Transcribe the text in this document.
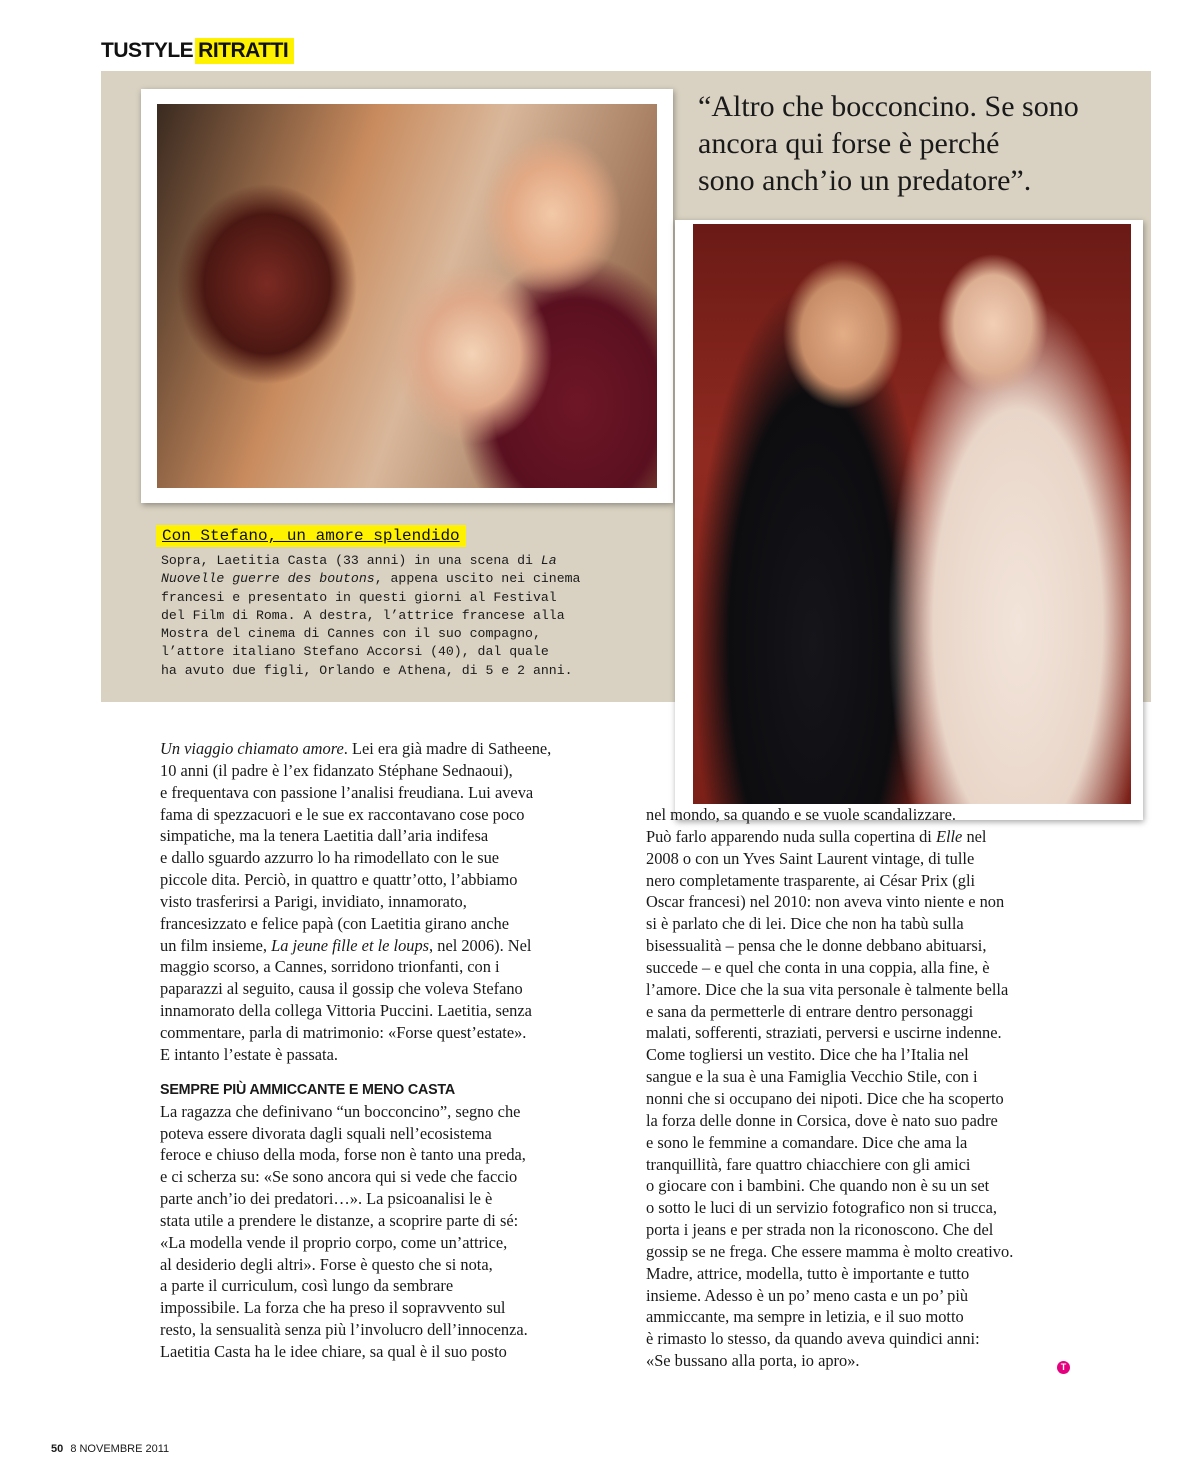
TUSTYLE RITRATTI
“Altro che bocconcino. Se sono
ancora qui forse è perché
sono anch’io un predatore”.
Con Stefano, un amore splendido
Sopra, Laetitia Casta (33 anni) in una scena di La
Nuovelle guerre des boutons, appena uscito nei cinema
francesi e presentato in questi giorni al Festival
del Film di Roma. A destra, l’attrice francese alla
Mostra del cinema di Cannes con il suo compagno,
l’attore italiano Stefano Accorsi (40), dal quale
ha avuto due figli, Orlando e Athena, di 5 e 2 anni.
Un viaggio chiamato amore. Lei era già madre di Satheene,
10 anni (il padre è l’ex fidanzato Stéphane Sednaoui),
e frequentava con passione l’analisi freudiana. Lui aveva
fama di spezzacuori e le sue ex raccontavano cose poco
simpatiche, ma la tenera Laetitia dall’aria indifesa
e dallo sguardo azzurro lo ha rimodellato con le sue
piccole dita. Perciò, in quattro e quattr’otto, l’abbiamo
visto trasferirsi a Parigi, invidiato, innamorato,
francesizzato e felice papà (con Laetitia girano anche
un film insieme, La jeune fille et le loups, nel 2006). Nel
maggio scorso, a Cannes, sorridono trionfanti, con i
paparazzi al seguito, causa il gossip che voleva Stefano
innamorato della collega Vittoria Puccini. Laetitia, senza
commentare, parla di matrimonio: «Forse quest’estate».
E intanto l’estate è passata.
SEMPRE PIÙ AMMICCANTE E MENO CASTA
La ragazza che definivano “un bocconcino”, segno che
poteva essere divorata dagli squali nell’ecosistema
feroce e chiuso della moda, forse non è tanto una preda,
e ci scherza su: «Se sono ancora qui si vede che faccio
parte anch’io dei predatori…». La psicoanalisi le è
stata utile a prendere le distanze, a scoprire parte di sé:
«La modella vende il proprio corpo, come un’attrice,
al desiderio degli altri». Forse è questo che si nota,
a parte il curriculum, così lungo da sembrare
impossibile. La forza che ha preso il sopravvento sul
resto, la sensualità senza più l’involucro dell’innocenza.
Laetitia Casta ha le idee chiare, sa qual è il suo posto
nel mondo, sa quando e se vuole scandalizzare.
Può farlo apparendo nuda sulla copertina di Elle nel
2008 o con un Yves Saint Laurent vintage, di tulle
nero completamente trasparente, ai César Prix (gli
Oscar francesi) nel 2010: non aveva vinto niente e non
si è parlato che di lei. Dice che non ha tabù sulla
bisessualità – pensa che le donne debbano abituarsi,
succede – e quel che conta in una coppia, alla fine, è
l’amore. Dice che la sua vita personale è talmente bella
e sana da permetterle di entrare dentro personaggi
malati, sofferenti, straziati, perversi e uscirne indenne.
Come togliersi un vestito. Dice che ha l’Italia nel
sangue e la sua è una Famiglia Vecchio Stile, con i
nonni che si occupano dei nipoti. Dice che ha scoperto
la forza delle donne in Corsica, dove è nato suo padre
e sono le femmine a comandare. Dice che ama la
tranquillità, fare quattro chiacchiere con gli amici
o giocare con i bambini. Che quando non è su un set
o sotto le luci di un servizio fotografico non si trucca,
porta i jeans e per strada non la riconoscono. Che del
gossip se ne frega. Che essere mamma è molto creativo.
Madre, attrice, modella, tutto è importante e tutto
insieme. Adesso è un po’ meno casta e un po’ più
ammiccante, ma sempre in letizia, e il suo motto
è rimasto lo stesso, da quando aveva quindici anni:
«Se bussano alla porta, io apro».	T
50 8 NOVEMBRE 2011
